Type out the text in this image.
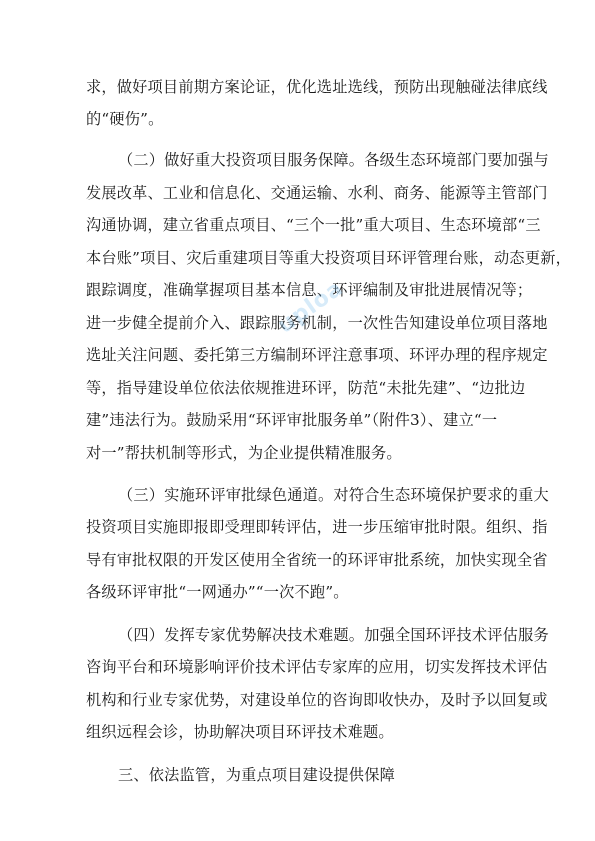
求，做好项目前期方案论证，优化选址选线，预防出现触碰法律底线
的“硬伤”。
（二）做好重大投资项目服务保障。各级生态环境部门要加强与
发展改革、工业和信息化、交通运输、水利、商务、能源等主管部门
沟通协调，建立省重点项目、“三个一批”重大项目、生态环境部“三
本台账”项目、灾后重建项目等重大投资项目环评管理台账，动态更新，
跟踪调度，准确掌握项目基本信息、环评编制及审批进展情况等；
进一步健全提前介入、跟踪服务机制，一次性告知建设单位项目落地
选址关注问题、委托第三方编制环评注意事项、环评办理的程序规定
等，指导建设单位依法依规推进环评，防范“未批先建”、“边批边
建”违法行为。鼓励采用“环评审批服务单”（附件3）、建立“一
对一”帮扶机制等形式，为企业提供精准服务。
（三）实施环评审批绿色通道。对符合生态环境保护要求的重大
投资项目实施即报即受理即转评估，进一步压缩审批时限。组织、指
导有审批权限的开发区使用全省统一的环评审批系统，加快实现全省
各级环评审批“一网通办”“一次不跑”。
（四）发挥专家优势解决技术难题。加强全国环评技术评估服务
咨询平台和环境影响评价技术评估专家库的应用，切实发挥技术评估
机构和行业专家优势，对建设单位的咨询即收快办，及时予以回复或
组织远程会诊，协助解决项目环评技术难题。
三、依法监管，为重点项目建设提供保障
uploa
